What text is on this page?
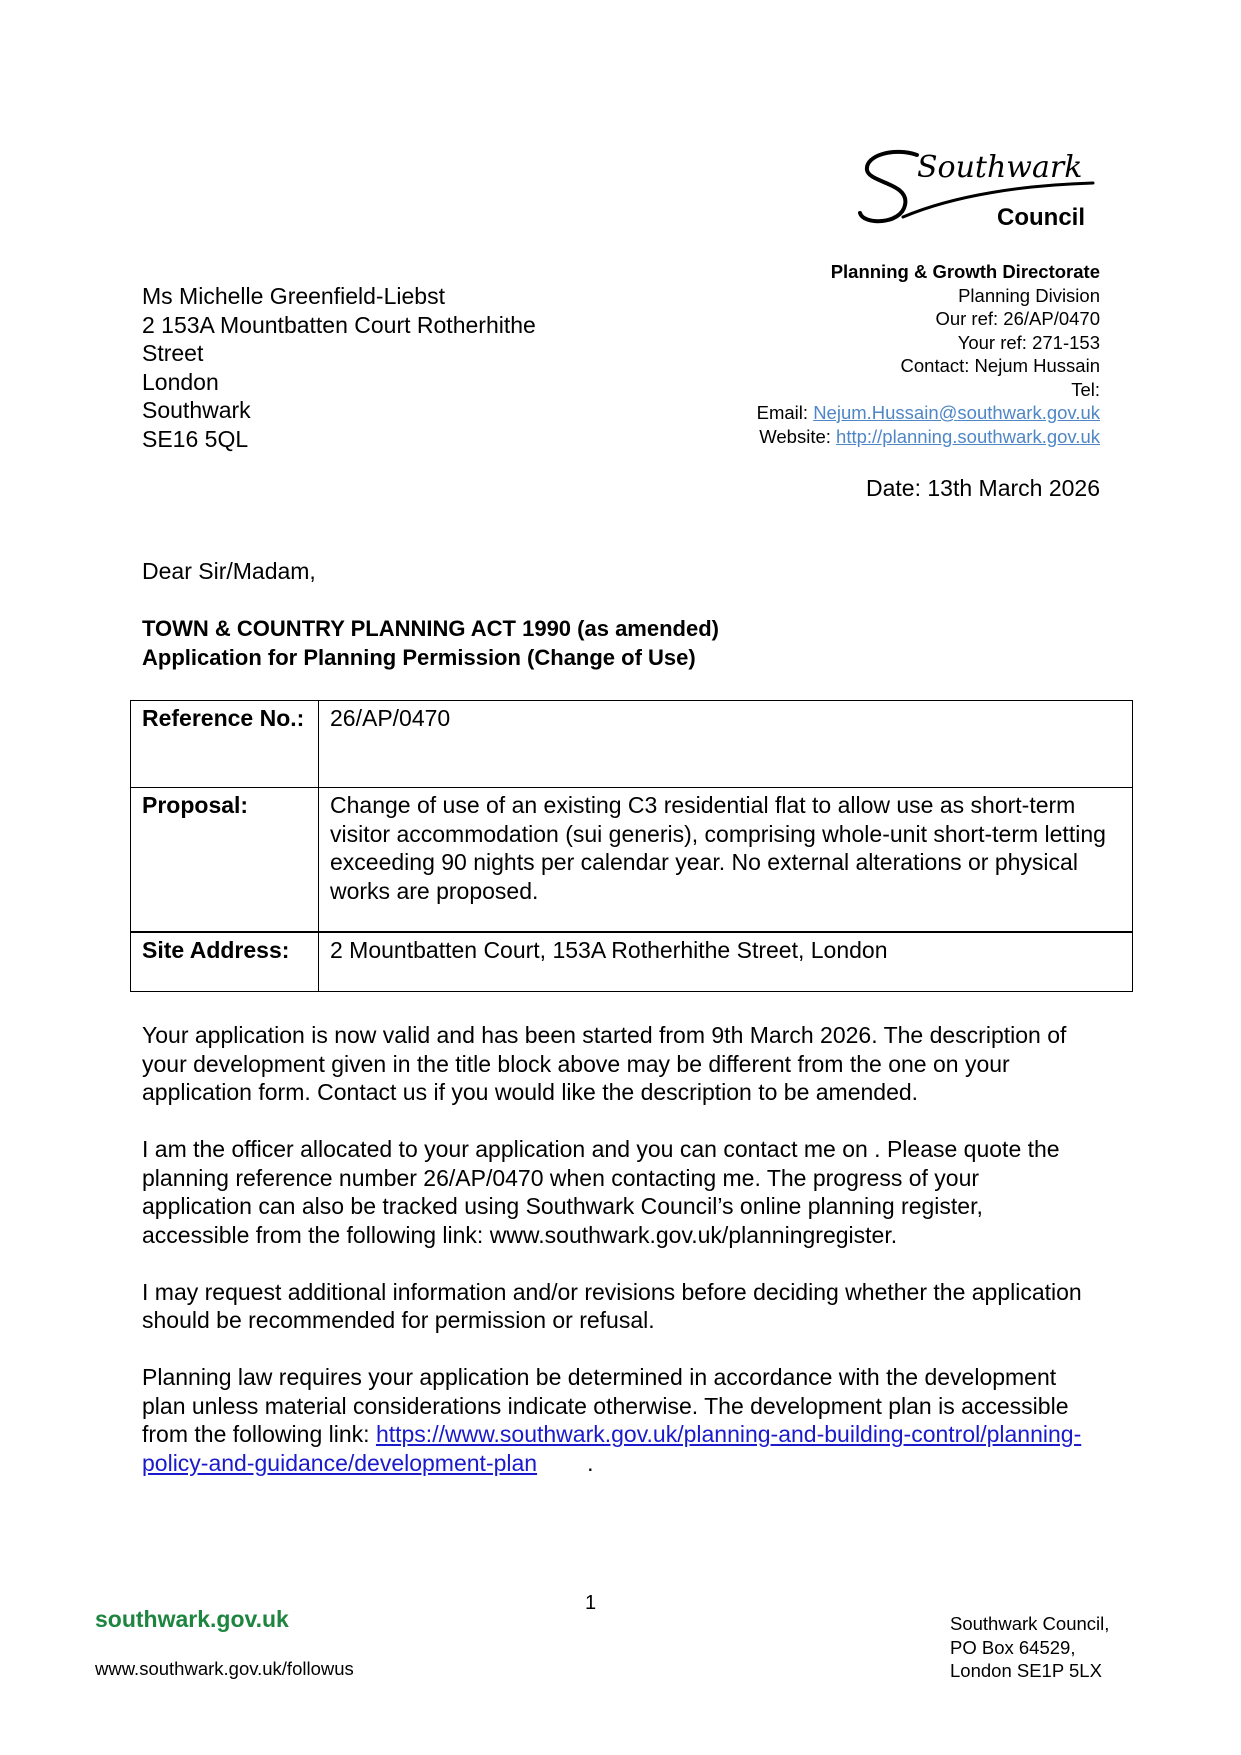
Southwark
Council
Planning & Growth Directorate
Planning Division
Our ref: 26/AP/0470
Your ref: 271-153
Contact: Nejum Hussain
Tel:
Email: Nejum.Hussain@southwark.gov.uk
Website: http://planning.southwark.gov.uk
Ms Michelle Greenfield-Liebst
2 153A Mountbatten Court Rotherhithe
Street
London
Southwark
SE16 5QL
Date: 13th March 2026
Dear Sir/Madam,
TOWN & COUNTRY PLANNING ACT 1990 (as amended)
Application for Planning Permission (Change of Use)
Reference No.:	26/AP/0470
Proposal:	Change of use of an existing C3 residential flat to allow use as short-term visitor accommodation (sui generis), comprising whole-unit short-term letting exceeding 90 nights per calendar year. No external alterations or physical works are proposed.
Site Address:	2 Mountbatten Court, 153A Rotherhithe Street, London

Your application is now valid and has been started from 9th March 2026. The description of your development given in the title block above may be different from the one on your application form. Contact us if you would like the description to be amended.

I am the officer allocated to your application and you can contact me on . Please quote the planning reference number 26/AP/0470 when contacting me. The progress of your application can also be tracked using Southwark Council’s online planning register, accessible from the following link: www.southwark.gov.uk/planningregister.

I may request additional information and/or revisions before deciding whether the application should be recommended for permission or refusal.

Planning law requires your application be determined in accordance with the development plan unless material considerations indicate otherwise. The development plan is accessible from the following link: https://www.southwark.gov.uk/planning-and-building-control/planning-policy-and-guidance/development-plan .

1
southwark.gov.uk
www.southwark.gov.uk/followus
Southwark Council,
PO Box 64529,
London SE1P 5LX
